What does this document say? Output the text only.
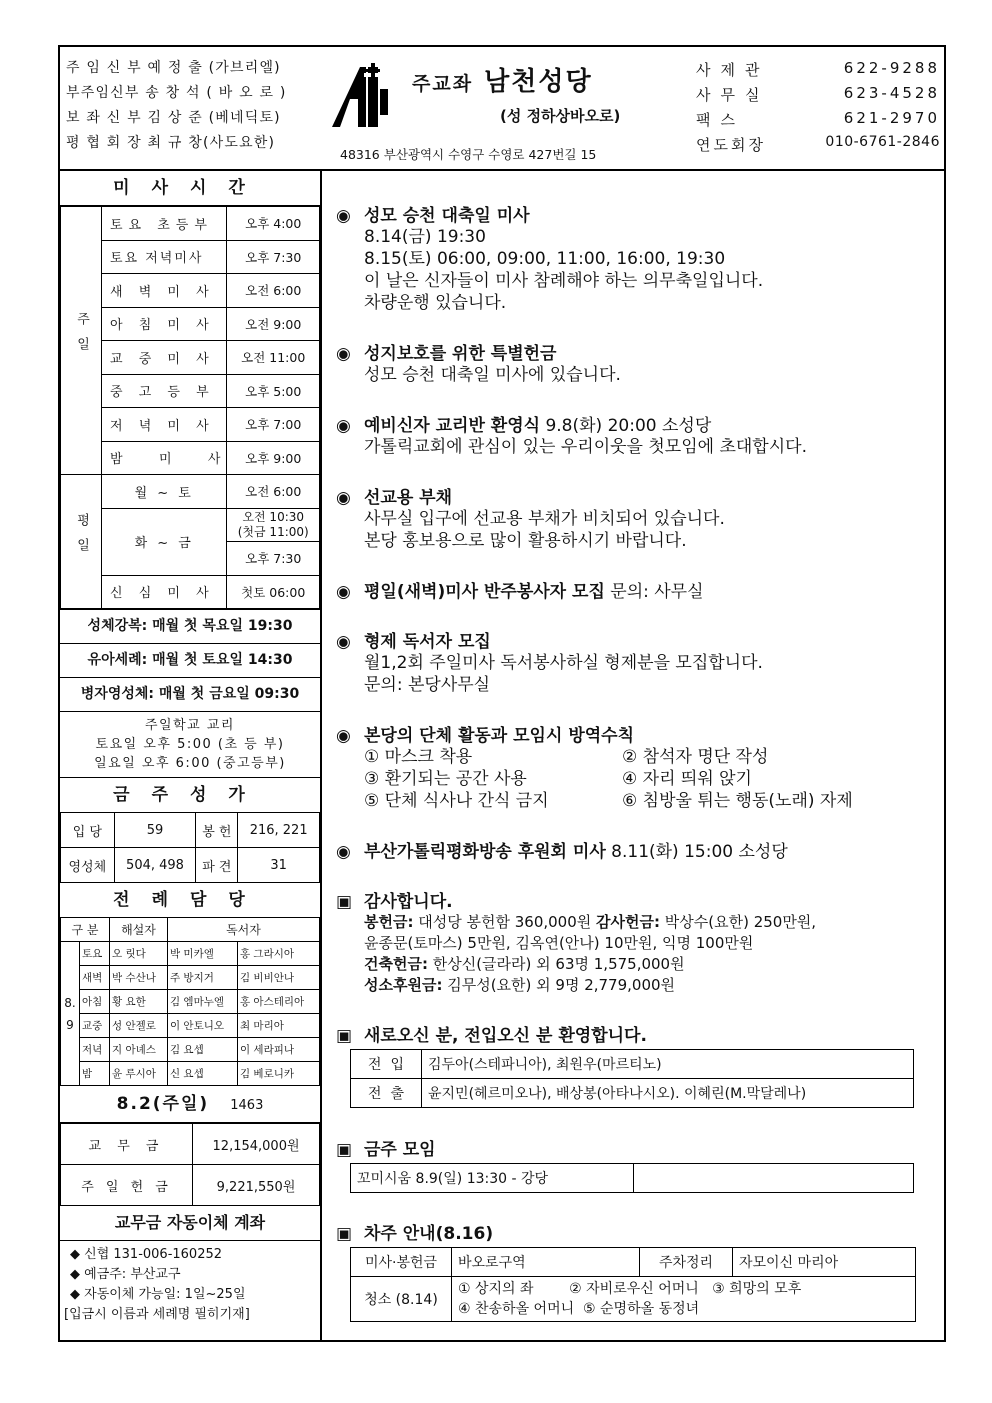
주 임 신 부 예 정 출 (가브리엘)
부주임신부 송 창 석 ( 바 오 로 )
보 좌 신 부 김 상 준 (베네딕토)
평 협 회 장 최 규 창(사도요한)
주교좌 남천성당
(성 정하상바오로)
48316 부산광역시 수영구 수영로 427번길 15
사제관	622-9288
사무실	623-4528
팩스	621-2970
연도회장	010-6761-2846
미사시간
주일	토요 초등부	오후 4:00
	토요 저녁미사	오후 7:30
	새 벽 미 사	오전 6:00
	아 침 미 사	오전 9:00
	교 중 미 사	오전 11:00
	중 고 등 부	오후 5:00
	저 녁 미 사	오후 7:00
	밤   미   사	오후 9:00
평일	월 ~ 토	오전 6:00
	화 ~ 금	오전 10:30
(첫금 11:00)

		오후 7:30
	신 심 미 사	첫토 06:00
성체강복: 매월 첫 목요일 19:30
유아세례: 매월 첫 토요일 14:30
병자영성체: 매월 첫 금요일 09:30
주일학교 교리
토요일 오후 5:00 (초 등 부)
일요일 오후 6:00 (중고등부)
금주성가
입 당	59	봉 헌	216, 221
영성체	504, 498	파 견	31
전례담당
구 분		해설자	독서자	
8. 9	토요	오 릿다	박 미카엘	홍 그라시아
	새벽	박 수산나	주 방지거	김 비비안나
	아침	황 요한	김 엠마누엘	홍 아스테리아
	교중	성 안젤로	이 안토니오	최 마리아
	저녁	지 아녜스	김 요셉	이 세라피나
	밤	윤 루시아	신 요셉	김 베로니카
8.2(주일) 1463
교 무 금	12,154,000원
주 일 헌 금	9,221,550원
교무금 자동이체 계좌
◆ 신협 131-006-160252
◆ 예금주: 부산교구
◆ 자동이체 가능일: 1일~25일
[입금시 이름과 세례명 필히기재]
◉ 성모 승천 대축일 미사
8.14(금) 19:30
8.15(토) 06:00, 09:00, 11:00, 16:00, 19:30
이 날은 신자들이 미사 참례해야 하는 의무축일입니다.
차량운행 있습니다.
◉ 성지보호를 위한 특별헌금
성모 승천 대축일 미사에 있습니다.
◉ 예비신자 교리반 환영식 9.8(화) 20:00 소성당
가톨릭교회에 관심이 있는 우리이웃을 첫모임에 초대합시다.
◉ 선교용 부채
사무실 입구에 선교용 부채가 비치되어 있습니다.
본당 홍보용으로 많이 활용하시기 바랍니다.
◉ 평일(새벽)미사 반주봉사자 모집 문의: 사무실
◉ 형제 독서자 모집
월1,2회 주일미사 독서봉사하실 형제분을 모집합니다.
문의: 본당사무실
◉ 본당의 단체 활동과 모임시 방역수칙
① 마스크 착용	② 참석자 명단 작성
③ 환기되는 공간 사용	④ 자리 띄워 앉기
⑤ 단체 식사나 간식 금지	⑥ 침방울 튀는 행동(노래) 자제
◉ 부산가톨릭평화방송 후원회 미사 8.11(화) 15:00 소성당
▣ 감사합니다.
봉헌금: 대성당 봉헌함 360,000원 감사헌금: 박상수(요한) 250만원,
윤종문(토마스) 5만원, 김옥연(안나) 10만원, 익명 100만원
건축헌금: 한상신(글라라) 외 63명 1,575,000원
성소후원금: 김무성(요한) 외 9명 2,779,000원
▣ 새로오신 분, 전입오신 분 환영합니다.
전  입	김두아(스테파니아), 최원우(마르티노)
전  출	윤지민(헤르미오나), 배상봉(아타나시오). 이혜린(M.막달레나)
▣ 금주 모임
꼬미시움 8.9(일) 13:30 - 강당	
▣ 차주 안내(8.16)
미사·봉헌금	바오로구역	주차정리	자모이신 마리아
청소 (8.14)	① 상지의 좌        ② 자비로우신 어머니   ③ 희망의 모후
④ 찬송하올 어머니  ⑤ 순명하올 동정녀		
